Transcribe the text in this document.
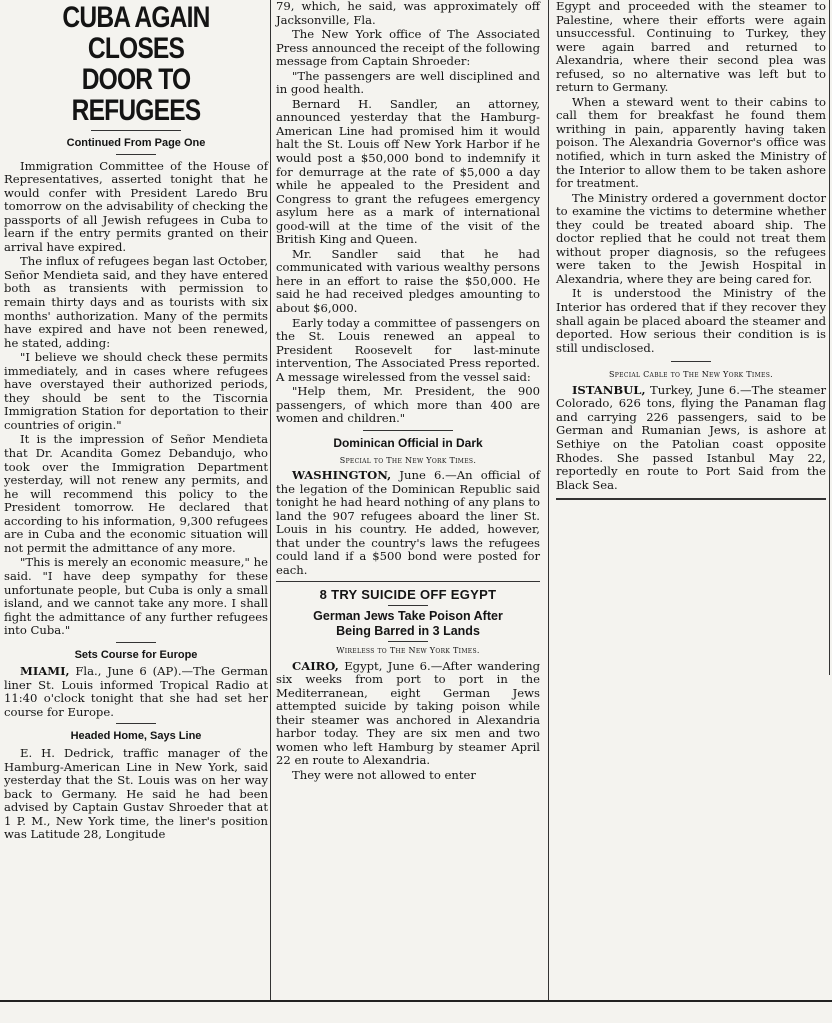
CUBA AGAIN CLOSES
DOOR TO REFUGEES
Continued From Page One

Immigration Committee of the House of Representatives, asserted tonight that he would confer with President Laredo Bru tomorrow on the advisability of checking the passports of all Jewish refugees in Cuba to learn if the entry permits granted on their arrival have expired.

The influx of refugees began last October, Señor Mendieta said, and they have entered both as transients with permission to remain thirty days and as tourists with six months' authorization. Many of the permits have expired and have not been renewed, he stated, adding:

"I believe we should check these permits immediately, and in cases where refugees have overstayed their authorized periods, they should be sent to the Tiscornia Immigration Station for deportation to their countries of origin."

It is the impression of Señor Mendieta that Dr. Acandita Gomez Debandujo, who took over the Immigration Department yesterday, will not renew any permits, and he will recommend this policy to the President tomorrow. He declared that according to his information, 9,300 refugees are in Cuba and the economic situation will not permit the admittance of any more.

"This is merely an economic measure," he said. "I have deep sympathy for these unfortunate people, but Cuba is only a small island, and we cannot take any more. I shall fight the admittance of any further refugees into Cuba."

Sets Course for Europe

MIAMI, Fla., June 6 (AP).—The German liner St. Louis informed Tropical Radio at 11:40 o'clock tonight that she had set her course for Europe.

Headed Home, Says Line

E. H. Dedrick, traffic manager of the Hamburg-American Line in New York, said yesterday that the St. Louis was on her way back to Germany. He said he had been advised by Captain Gustav Shroeder that at 1 P. M., New York time, the liner's position was Latitude 28, Longitude

79, which, he said, was approximately off Jacksonville, Fla.

The New York office of The Associated Press announced the receipt of the following message from Captain Shroeder:

"The passengers are well disciplined and in good health.

Bernard H. Sandler, an attorney, announced yesterday that the Hamburg-American Line had promised him it would halt the St. Louis off New York Harbor if he would post a $50,000 bond to indemnify it for demurrage at the rate of $5,000 a day while he appealed to the President and Congress to grant the refugees emergency asylum here as a mark of international good-will at the time of the visit of the British King and Queen.

Mr. Sandler said that he had communicated with various wealthy persons here in an effort to raise the $50,000. He said he had received pledges amounting to about $6,000.

Early today a committee of passengers on the St. Louis renewed an appeal to President Roosevelt for last-minute intervention, The Associated Press reported. A message wirelessed from the vessel said:

"Help them, Mr. President, the 900 passengers, of which more than 400 are women and children."

Dominican Official in Dark
Special to The New York Times.

WASHINGTON, June 6.—An official of the legation of the Dominican Republic said tonight he had heard nothing of any plans to land the 907 refugees aboard the liner St. Louis in his country. He added, however, that under the country's laws the refugees could land if a $500 bond were posted for each.

8 TRY SUICIDE OFF EGYPT
German Jews Take Poison After
Being Barred in 3 Lands
Wireless to The New York Times.

CAIRO, Egypt, June 6.—After wandering six weeks from port to port in the Mediterranean, eight German Jews attempted suicide by taking poison while their steamer was anchored in Alexandria harbor today. They are six men and two women who left Hamburg by steamer April 22 en route to Alexandria.

They were not allowed to enter

Egypt and proceeded with the steamer to Palestine, where their efforts were again unsuccessful. Continuing to Turkey, they were again barred and returned to Alexandria, where their second plea was refused, so no alternative was left but to return to Germany.

When a steward went to their cabins to call them for breakfast he found them writhing in pain, apparently having taken poison. The Alexandria Governor's office was notified, which in turn asked the Ministry of the Interior to allow them to be taken ashore for treatment.

The Ministry ordered a government doctor to examine the victims to determine whether they could be treated aboard ship. The doctor replied that he could not treat them without proper diagnosis, so the refugees were taken to the Jewish Hospital in Alexandria, where they are being cared for.

It is understood the Ministry of the Interior has ordered that if they recover they shall again be placed aboard the steamer and deported. How serious their condition is is still undisclosed.

Special Cable to The New York Times.

ISTANBUL, Turkey, June 6.—The steamer Colorado, 626 tons, flying the Panaman flag and carrying 226 passengers, said to be German and Rumanian Jews, is ashore at Sethiye on the Patolian coast opposite Rhodes. She passed Istanbul May 22, reportedly en route to Port Said from the Black Sea.
